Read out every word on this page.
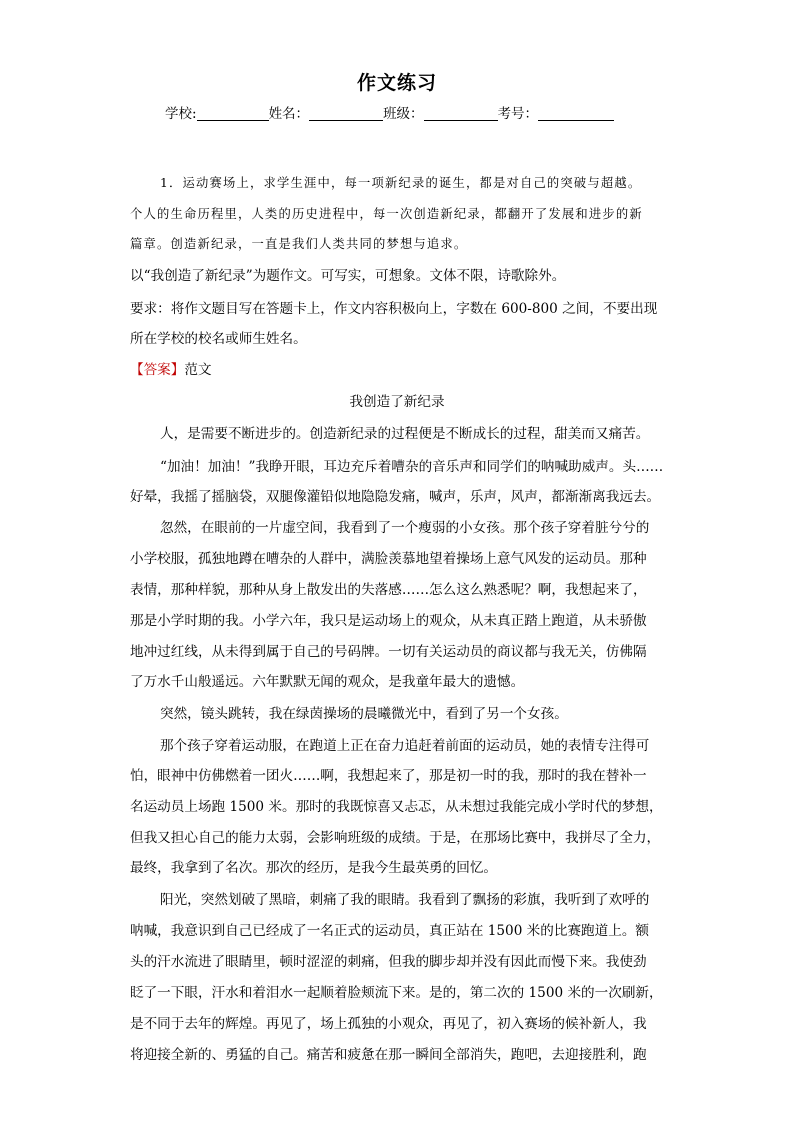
作文练习
学校:	姓名：	班级：	考号：
1．运动赛场上，求学生涯中，每一项新纪录的诞生，都是对自己的突破与超越。
个人的生命历程里，人类的历史进程中，每一次创造新纪录，都翻开了发展和进步的新
篇章。创造新纪录，一直是我们人类共同的梦想与追求。
以“我创造了新纪录”为题作文。可写实，可想象。文体不限，诗歌除外。
要求：将作文题目写在答题卡上，作文内容积极向上，字数在 600-800 之间，不要出现
所在学校的校名或师生姓名。
【答案】范文
我创造了新纪录
人，是需要不断进步的。创造新纪录的过程便是不断成长的过程，甜美而又痛苦。
“加油！加油！”我睁开眼，耳边充斥着嘈杂的音乐声和同学们的呐喊助威声。头……
好晕，我摇了摇脑袋，双腿像灌铅似地隐隐发痛，喊声，乐声，风声，都渐渐离我远去。
忽然，在眼前的一片虚空间，我看到了一个瘦弱的小女孩。那个孩子穿着脏兮兮的
小学校服，孤独地蹲在嘈杂的人群中，满脸羡慕地望着操场上意气风发的运动员。那种
表情，那种样貌，那种从身上散发出的失落感……怎么这么熟悉呢？啊，我想起来了，
那是小学时期的我。小学六年，我只是运动场上的观众，从未真正踏上跑道，从未骄傲
地冲过红线，从未得到属于自己的号码牌。一切有关运动员的商议都与我无关，仿佛隔
了万水千山般遥远。六年默默无闻的观众，是我童年最大的遗憾。
突然，镜头跳转，我在绿茵操场的晨曦微光中，看到了另一个女孩。
那个孩子穿着运动服，在跑道上正在奋力追赶着前面的运动员，她的表情专注得可
怕，眼神中仿佛燃着一团火……啊，我想起来了，那是初一时的我，那时的我在替补一
名运动员上场跑 1500 米。那时的我既惊喜又忐忑，从未想过我能完成小学时代的梦想，
但我又担心自己的能力太弱，会影响班级的成绩。于是，在那场比赛中，我拼尽了全力，
最终，我拿到了名次。那次的经历，是我今生最英勇的回忆。
阳光，突然划破了黑暗，刺痛了我的眼睛。我看到了飘扬的彩旗，我听到了欢呼的
呐喊，我意识到自己已经成了一名正式的运动员，真正站在 1500 米的比赛跑道上。额
头的汗水流进了眼睛里，顿时涩涩的刺痛，但我的脚步却并没有因此而慢下来。我使劲
眨了一下眼，汗水和着泪水一起顺着脸颊流下来。是的，第二次的 1500 米的一次刷新，
是不同于去年的辉煌。再见了，场上孤独的小观众，再见了，初入赛场的候补新人，我
将迎接全新的、勇猛的自己。痛苦和疲惫在那一瞬间全部消失，跑吧，去迎接胜利，跑
